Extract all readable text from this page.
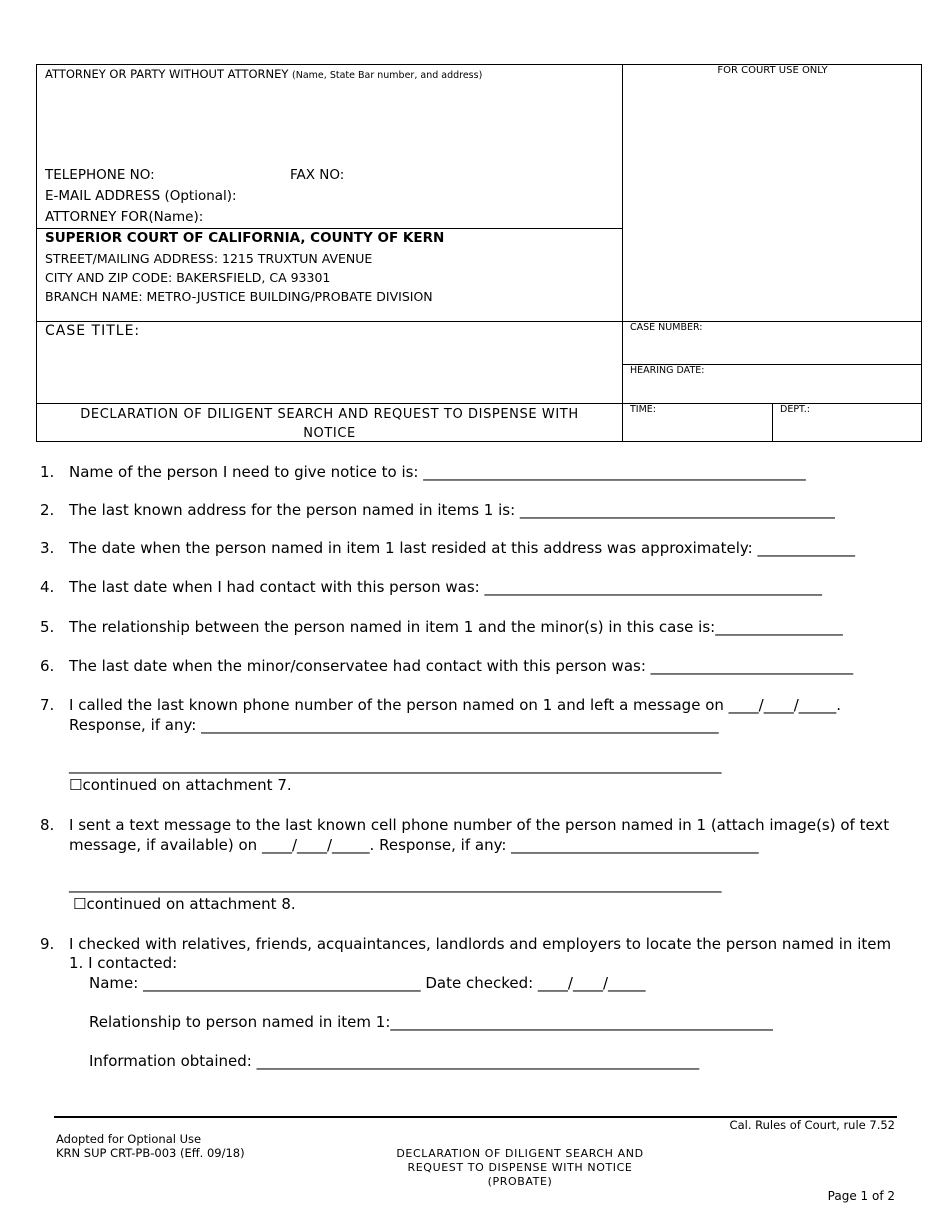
ATTORNEY OR PARTY WITHOUT ATTORNEY (Name, State Bar number, and address)	FOR COURT USE ONLY
TELEPHONE NO:	FAX NO:
E-MAIL ADDRESS (Optional):
ATTORNEY FOR(Name):
SUPERIOR COURT OF CALIFORNIA, COUNTY OF KERN
STREET/MAILING ADDRESS: 1215 TRUXTUN AVENUE
CITY AND ZIP CODE: BAKERSFIELD, CA 93301
BRANCH NAME: METRO-JUSTICE BUILDING/PROBATE DIVISION
CASE TITLE:	CASE NUMBER:
HEARING DATE:
DECLARATION OF DILIGENT SEARCH AND REQUEST TO DISPENSE WITH
NOTICE
TIME:	DEPT.:
1. Name of the person I need to give notice to is: ___________________________________________________
2. The last known address for the person named in items 1 is: __________________________________________
3. The date when the person named in item 1 last resided at this address was approximately: _____________
4. The last date when I had contact with this person was: _____________________________________________
5. The relationship between the person named in item 1 and the minor(s) in this case is:_________________
6. The last date when the minor/conservatee had contact with this person was: ___________________________
7. I called the last known phone number of the person named on 1 and left a message on ____/____/_____.
Response, if any: _____________________________________________________________________
_______________________________________________________________________________________
☐continued on attachment 7.
8. I sent a text message to the last known cell phone number of the person named in 1 (attach image(s) of text
message, if available) on ____/____/_____. Response, if any: _________________________________
_______________________________________________________________________________________
☐continued on attachment 8.
9. I checked with relatives, friends, acquaintances, landlords and employers to locate the person named in item
1. I contacted:
Name: _____________________________________ Date checked: ____/____/_____
Relationship to person named in item 1:___________________________________________________
Information obtained: ___________________________________________________________
Cal. Rules of Court, rule 7.52
Adopted for Optional Use
KRN SUP CRT-PB-003 (Eff. 09/18)	DECLARATION OF DILIGENT SEARCH AND
REQUEST TO DISPENSE WITH NOTICE
(PROBATE)
Page 1 of 2
